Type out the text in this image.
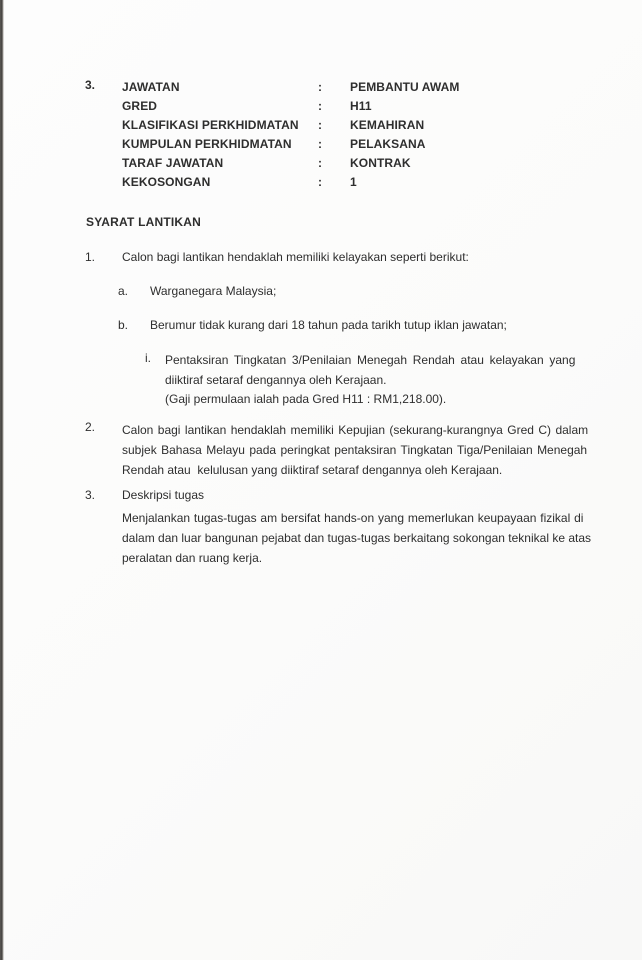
3. JAWATAN	:	PEMBANTU AWAM
GRED	:	H11
KLASIFIKASI PERKHIDMATAN	:	KEMAHIRAN
KUMPULAN PERKHIDMATAN	:	PELAKSANA
TARAF JAWATAN	:	KONTRAK
KEKOSONGAN	:	1
SYARAT LANTIKAN
1. Calon bagi lantikan hendaklah memiliki kelayakan seperti berikut:
a. Warganegara Malaysia;
b. Berumur tidak kurang dari 18 tahun pada tarikh tutup iklan jawatan;
i. Pentaksiran Tingkatan 3/Penilaian Menegah Rendah atau kelayakan yang
diiktiraf setaraf dengannya oleh Kerajaan.
(Gaji permulaan ialah pada Gred H11 : RM1,218.00).
2. Calon bagi lantikan hendaklah memiliki Kepujian (sekurang-kurangnya Gred C) dalam
subjek Bahasa Melayu pada peringkat pentaksiran Tingkatan Tiga/Penilaian Menegah
Rendah atau  kelulusan yang diiktiraf setaraf dengannya oleh Kerajaan.
3. Deskripsi tugas
Menjalankan tugas-tugas am bersifat hands-on yang memerlukan keupayaan fizikal di
dalam dan luar bangunan pejabat dan tugas-tugas berkaitang sokongan teknikal ke atas
peralatan dan ruang kerja.
